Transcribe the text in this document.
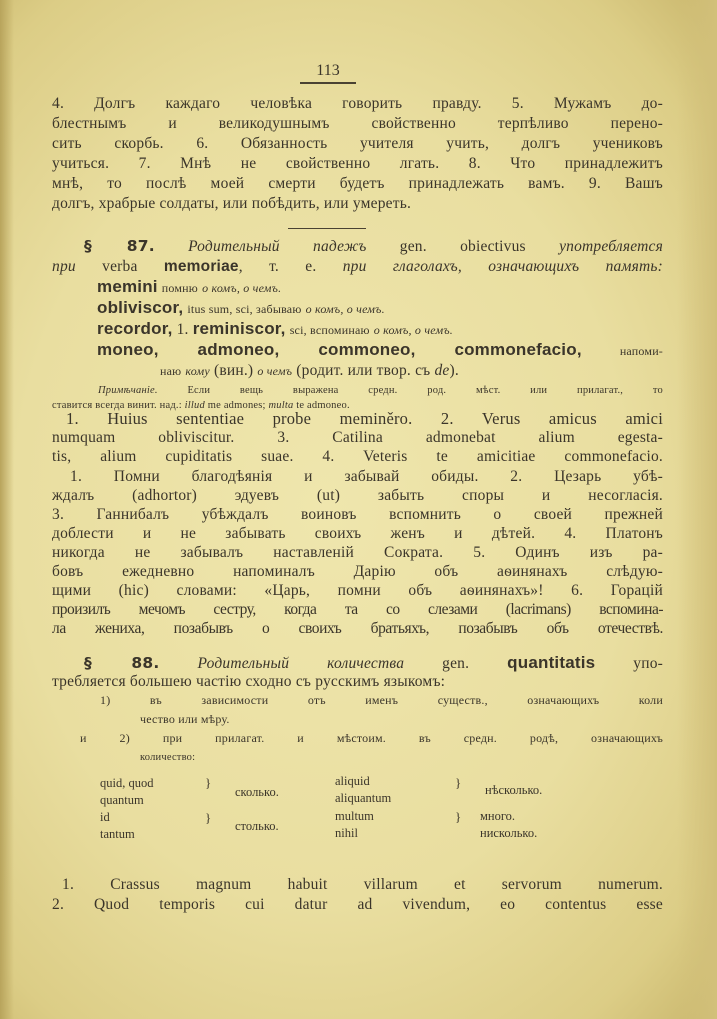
113
4. Долгъ каждаго человѣка говорить правду. 5. Мужамъ до-
блестнымъ и великодушнымъ свойственно терпѣливо перено-
сить скорбь. 6. Обязанность учителя учить, долгъ учениковъ
учиться. 7. Мнѣ не свойственно лгать. 8. Что принадлежитъ
мнѣ, то послѣ моей смерти будетъ принадлежать вамъ. 9. Вашъ
долгъ, храбрые солдаты, или побѣдить, или умереть.
§ 87. Родительный падежъ gen. obiectivus употребляется
при verba memoriae, т. е. при глаголахъ, означающихъ память:
memini помню о комъ, о чемъ.
obliviscor, itus sum, sci, забываю о комъ, о чемъ.
recordor, 1. reminiscor, sci, вспоминаю о комъ, о чемъ.
moneo, admoneo, commoneo, commonefacio,	напоми-
наю кому (вин.) о чемъ (родит. или твор. съ de).
Примѣчаніе.	Если вещь выражена средн. род. мѣст. или прилагат., то
ставится всегда винит. над.: illud me admones; multa te admoneo.
1. Huius sententiae probe meminěro. 2. Verus amicus amici
numquam obliviscitur. 3. Catilina admonebat alium egesta-
tis, alium cupiditatis suae. 4. Veteris te amicitiae commonefacio.
1. Помни благодѣянія и забывай обиды. 2. Цезарь убѣ-
ждалъ (adhortor) эдуевъ (ut) забыть споры и несогласія.
3. Ганнибалъ убѣждалъ воиновъ вспомнить о своей прежней
доблести и не забывать своихъ женъ и дѣтей. 4. Платонъ
никогда не забывалъ наставленій Сократа. 5. Одинъ изъ ра-
бовъ ежедневно напоминалъ Дарію объ аѳинянахъ слѣдую-
щими (hic) словами: «Царь, помни объ аѳинянахъ»! 6. Горацій
произилъ мечомъ сестру, когда та со слезами (lacrimans) вспомина-
ла жениха, позабывъ о своихъ братьяхъ, позабывъ объ отечествѣ.
§ 88. Родительный количества gen. quantitatis упо-
требляется большею частію сходно съ русскимъ языкомъ:
1) въ зависимости отъ именъ существ., означающихъ коли
чество или мѣру.
и 2) при прилагат. и мѣстоим. въ средн. родѣ, означающихъ
количество:
quid, quod
quantum
}
сколько.
id
tantum
}
столько.
aliquid
aliquantum
} нѣсколько.
multum
nihil
} много.
нисколько.
1. Crassus magnum habuit villarum et servorum numerum.
2. Quod temporis cui datur ad vivendum, eo contentus esse
